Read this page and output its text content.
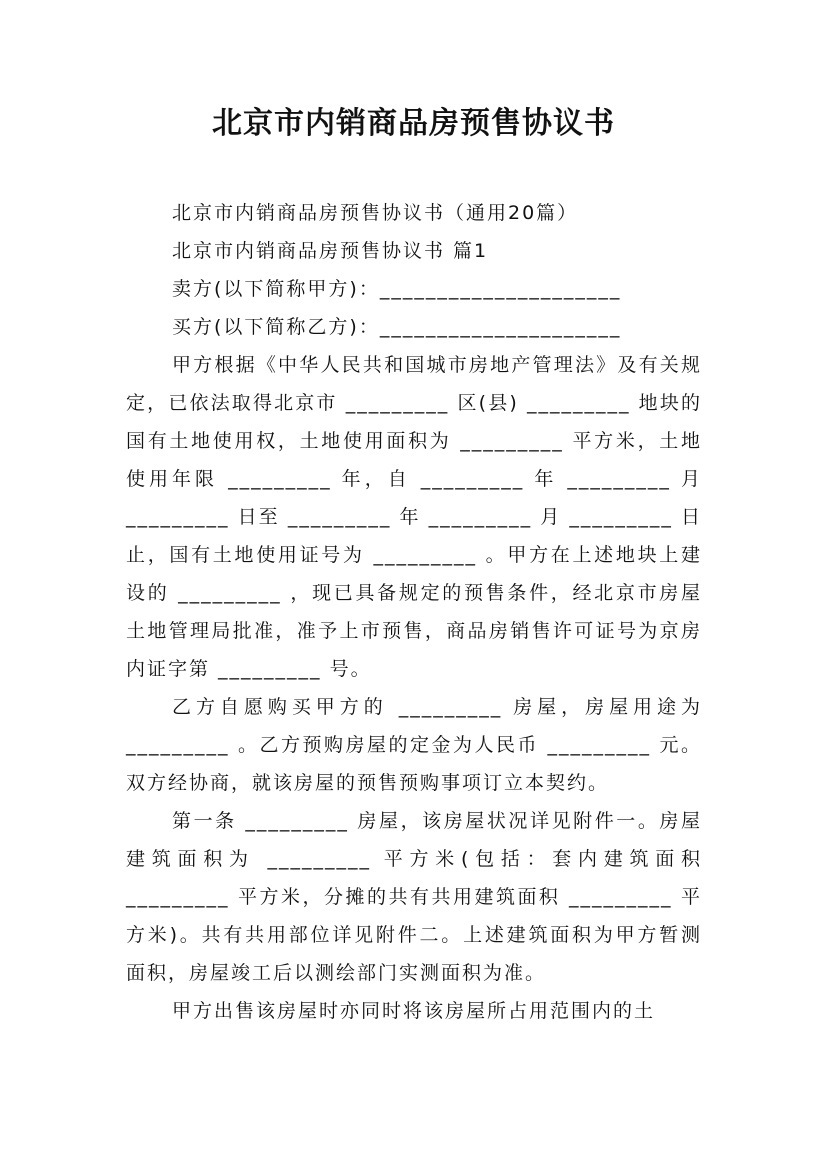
北京市内销商品房预售协议书
北京市内销商品房预售协议书（通用20篇）
北京市内销商品房预售协议书 篇1
卖方(以下简称甲方)：_____________________
买方(以下简称乙方)：_____________________
甲方根据《中华人民共和国城市房地产管理法》及有关规定，已依法取得北京市 _________ 区(县) _________ 地块的国有土地使用权，土地使用面积为 _________ 平方米，土地使用年限 _________ 年，自 _________ 年 _________ 月 _________ 日至 _________ 年 _________ 月 _________ 日止，国有土地使用证号为 _________ 。甲方在上述地块上建设的 _________ ，现已具备规定的预售条件，经北京市房屋土地管理局批准，准予上市预售，商品房销售许可证号为京房内证字第 _________ 号。
乙方自愿购买甲方的 _________ 房屋，房屋用途为 _________ 。乙方预购房屋的定金为人民币 _________ 元。双方经协商，就该房屋的预售预购事项订立本契约。
第一条 _________ 房屋，该房屋状况详见附件一。房屋建筑面积为 _________ 平方米(包括：套内建筑面积 _________ 平方米，分摊的共有共用建筑面积 _________ 平方米)。共有共用部位详见附件二。上述建筑面积为甲方暂测面积，房屋竣工后以测绘部门实测面积为准。
甲方出售该房屋时亦同时将该房屋所占用范围内的土
